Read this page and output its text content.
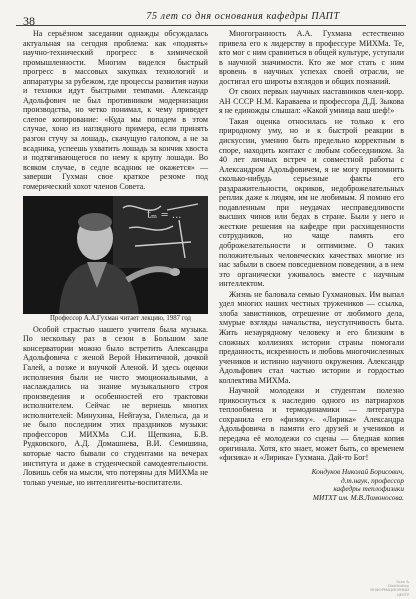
38	75 лет со дня основания кафедры ПАПТ

На серьёзном заседании однажды обсуждалась актуальная на сегодня проблема: как «поднять» научно-технический прогресс в химической промышленности. Многим виделся быстрый прогресс в массовых закупках технологий и аппаратуры за рубежом, где процессы развития науки и техники идут быстрыми темпами. Александр Адольфович не был противником модернизации производства, но четко понимал, к чему приведет слепое копирование: «Куда мы попадем в этом случае, хоно из наглядного примера, если принять разгон стучу за лошадь, скачущую галопом, а не за всадника, успеешь ухватить лошадь за кончик хвоста и подтягивающегося по нему к крупу лошади. Во всяком случае, в седле всадник не окажется» — заверши Гухман свое краткое резюме под гомерический хохот членов Совета.

tₘ = ...

Профессор А.А.Гухман читает лекцию, 1987 год

Особой страстью нашего учителя была музыка. По нескольку раз в сезон в Большом зале консерватории можно было встретить Александра Адольфовича с женой Верой Никитичной, дочкой Галей, а позже и внучкой Аленой. И здесь оценки исполнения были не чисто эмоциональными, а наслаждались на знание музыкального строя произведения и особенностей его трактовки исполнителем. Сейчас не вернешь многих исполнителей: Минухина, Нейгауза, Гилельса, да и не было последним этих праздников музыки: профессоров МИХМа С.И. Щепкина, Б.В. Рудковского, А.Д. Домашнева, В.И. Семишина, которые часто бывали со студентами на вечерах института и даже в студенческой самодеятельности. Ловишь себя на мысли, что потеряны для МИХМа не только ученые, но интеллигенты-воспитатели.

Многогранность А.А. Гухмана естественно привела его к лидерству в профессуре МИХМа. Те, кто мог с ним сравниться в общей культуре, уступали в научной значимости. Кто же мог стать с ним вровень в научных успехах своей отрасли, не достигал его широты взглядов и общих познаний.

От своих первых научных наставников член-корр. АН СССР Н.М. Караваева и профессора Д.Д. Зыкова я не единожды слышал: «Какой умница ваш шеф!»

Такая оценка относилась не только к его природному уму, но и к быстрой реакции в дискуссии, умению быть предельно корректным в споре, находить контакт с любым собеседником. За 40 лет личных встреч и совместной работы с Александром Адольфовичем, я не могу припомнить сколько-нибудь серьезные факты его раздражительности, окриков, недоброжелательных реплик даже к людям, им не любимым. Я помню его подавленным при неудачах несправедливости высших чинов или бедах в стране. Были у него и жесткие решения на кафедре при расхищенности сотрудников, но чаще память его доброжелательности и оптимизме. О таких положительных человеческих качествах многие из нас забыли в своем повседневном поведении, а в нем это органически уживалось вместе с научным интеллектом.

Жизнь не баловала семью Гухмановых. Им выпал удел многих наших честных тружеников — ссылка, злоба завистников, отрешение от любимого дела, хмурые взгляды начальства, неуступчивость быта. Жить незаурядному человеку и его близким в сложных коллизиях истории страны помогали преданность, искренность и любовь многочисленных учеников и истинно научного окружения. Александр Адольфович стал частью истории и гордостью коллектива МИХМа.

Научной молодежи и студентам полезно прикоснуться к наследию одного из патриархов теплообмена и термодинамики — литература сохранила его «физику». «Лирика» Александра Адольфовича в памяти его друзей и учеников и передача её молодежи со сцены — бледная копия оригинала. Хотя, кто знает, может быть, со временем «физика» и «Лирика» Гухмана. Дай-то Бог!

Кондуков Николай Борисович,
д.т.наук, профессор
кафедры теплофизики
МИТХТ им. М.В.Ломоносова.
Scan &
Distribution
ИНФОРМАЦИОННЫЙ ЦЕНТР
